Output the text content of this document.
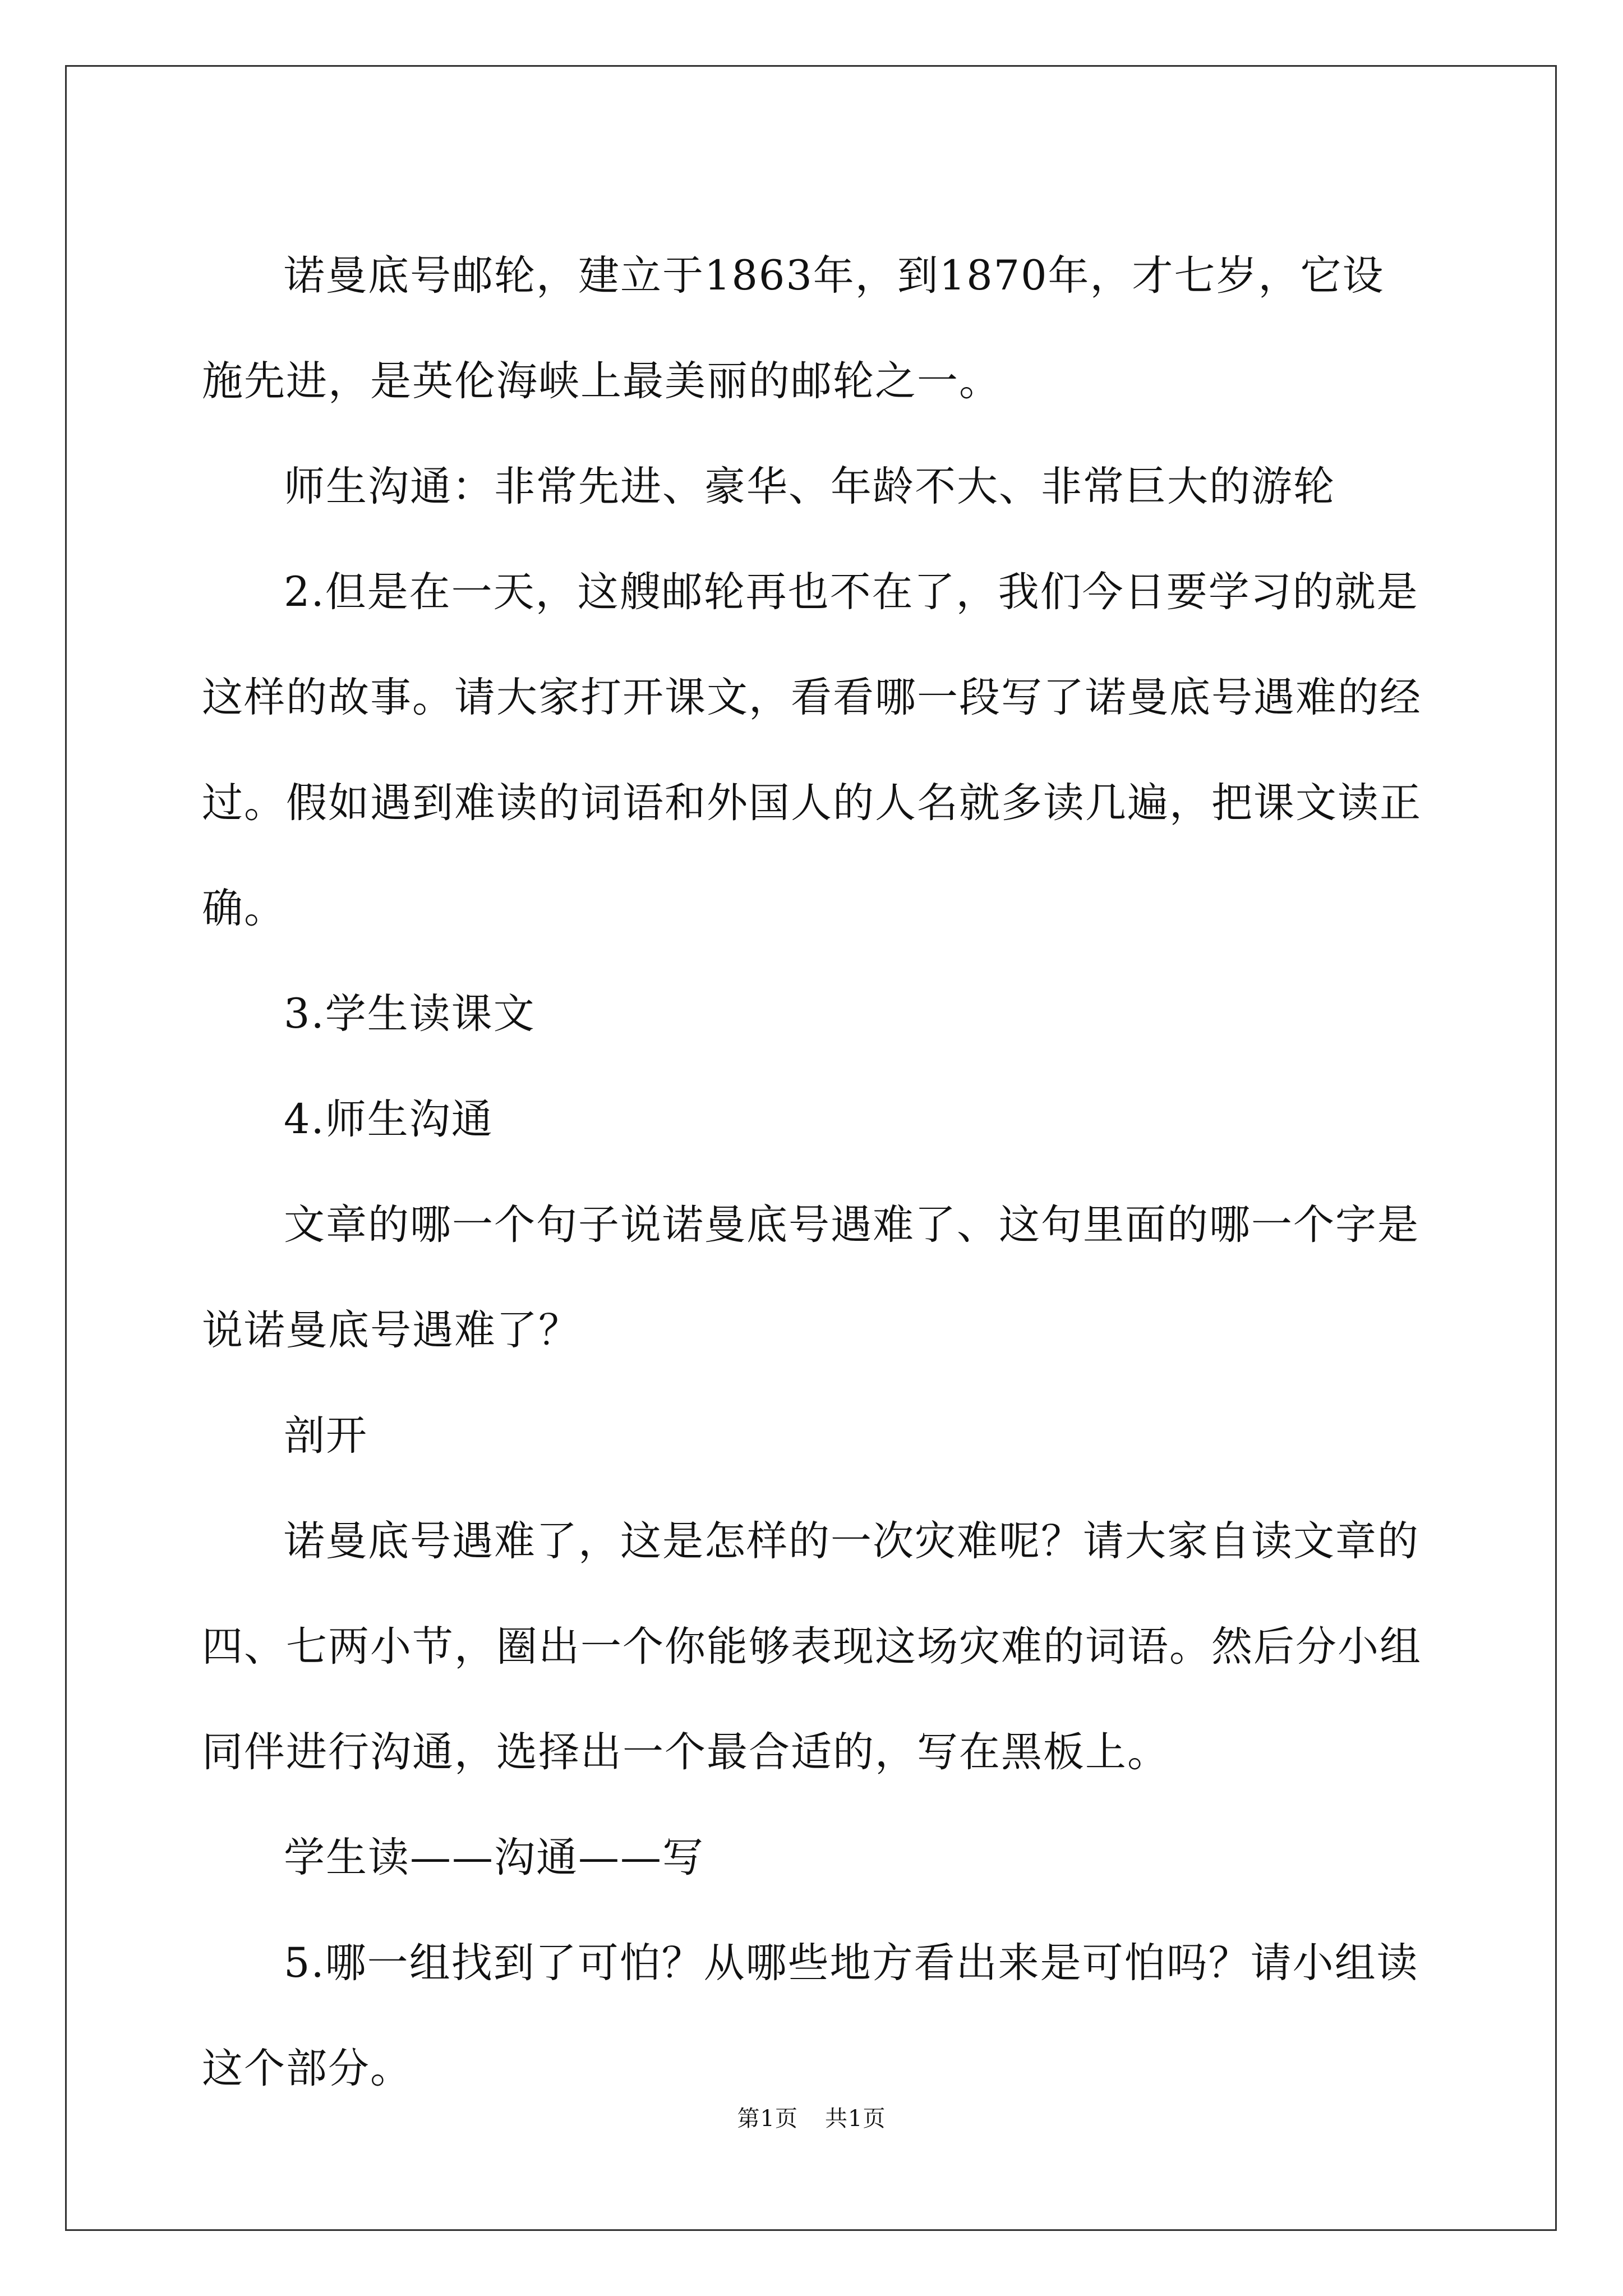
诺曼底号邮轮，建立于1863年，到1870年，才七岁，它设施先进，是英伦海峡上最美丽的邮轮之一。

师生沟通：非常先进、豪华、年龄不大、非常巨大的游轮

2.但是在一天，这艘邮轮再也不在了，我们今日要学习的就是这样的故事。请大家打开课文，看看哪一段写了诺曼底号遇难的经过。假如遇到难读的词语和外国人的人名就多读几遍，把课文读正确。

3.学生读课文

4.师生沟通

文章的哪一个句子说诺曼底号遇难了、这句里面的哪一个字是说诺曼底号遇难了？

剖开

诺曼底号遇难了，这是怎样的一次灾难呢？请大家自读文章的四、七两小节，圈出一个你能够表现这场灾难的词语。然后分小组同伴进行沟通，选择出一个最合适的，写在黑板上。

学生读——沟通——写

5.哪一组找到了可怕？从哪些地方看出来是可怕吗？请小组读这个部分。

第1页 共1页
